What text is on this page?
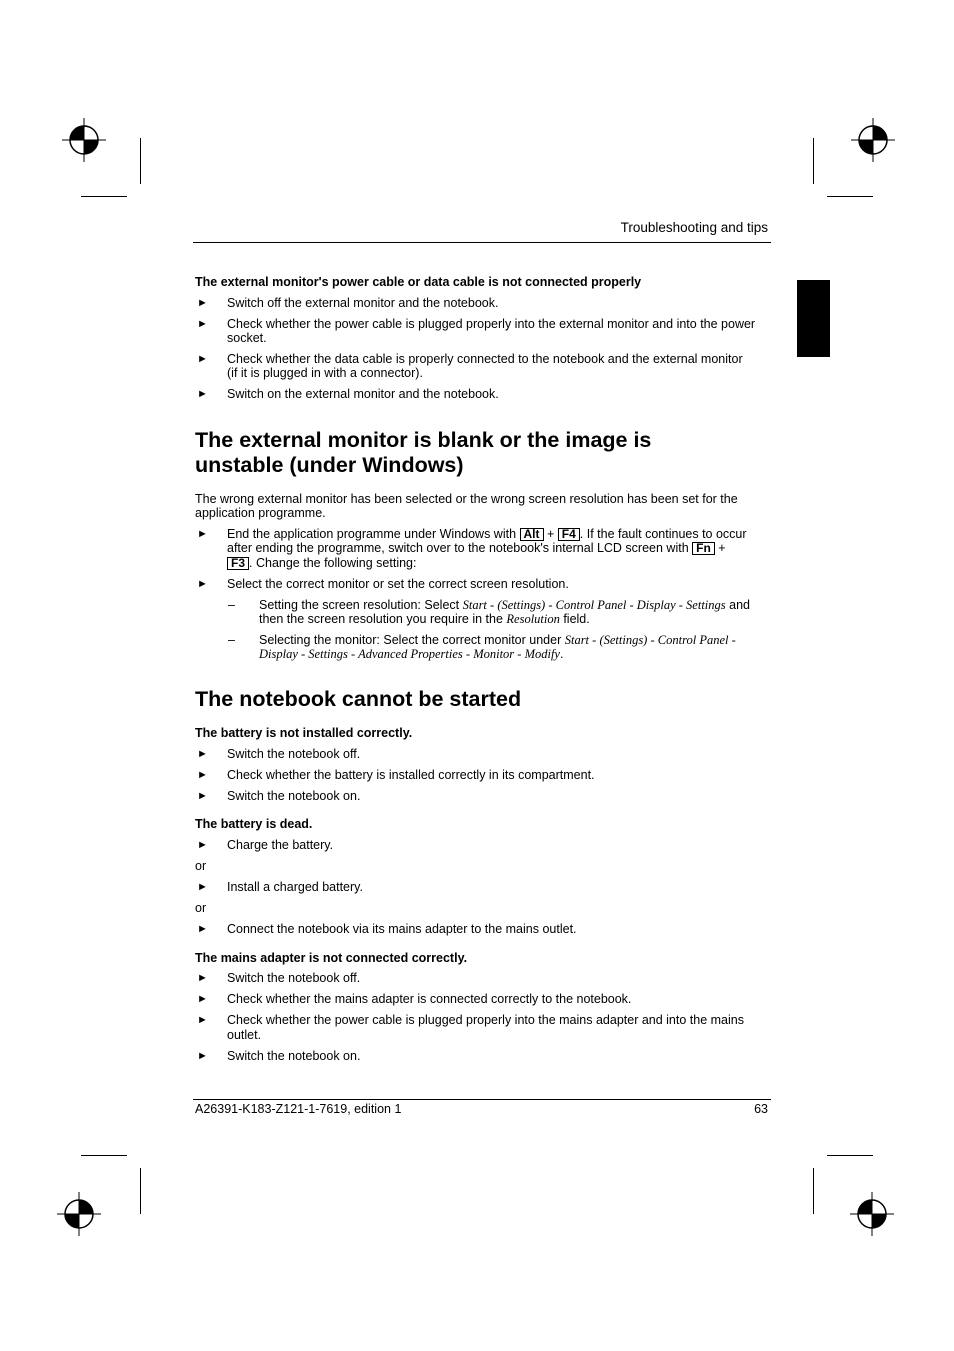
Troubleshooting and tips
The external monitor's power cable or data cable is not connected properly
► Switch off the external monitor and the notebook.
► Check whether the power cable is plugged properly into the external monitor and into the power
socket.
► Check whether the data cable is properly connected to the notebook and the external monitor
(if it is plugged in with a connector).
► Switch on the external monitor and the notebook.
The external monitor is blank or the image is
unstable (under Windows)
The wrong external monitor has been selected or the wrong screen resolution has been set for the
application programme.
► End the application programme under Windows with Alt + F4 . If the fault continues to occur
after ending the programme, switch over to the notebook's internal LCD screen with Fn +
F3 . Change the following setting:
► Select the correct monitor or set the correct screen resolution.
– Setting the screen resolution: Select Start - (Settings) - Control Panel - Display - Settings and
then the screen resolution you require in the Resolution field.
– Selecting the monitor: Select the correct monitor under Start - (Settings) - Control Panel -
Display - Settings - Advanced Properties - Monitor - Modify.
The notebook cannot be started
The battery is not installed correctly.
► Switch the notebook off.
► Check whether the battery is installed correctly in its compartment.
► Switch the notebook on.
The battery is dead.
► Charge the battery.
or
► Install a charged battery.
or
► Connect the notebook via its mains adapter to the mains outlet.
The mains adapter is not connected correctly.
► Switch the notebook off.
► Check whether the mains adapter is connected correctly to the notebook.
► Check whether the power cable is plugged properly into the mains adapter and into the mains
outlet.
► Switch the notebook on.
A26391-K183-Z121-1-7619, edition 1	63
